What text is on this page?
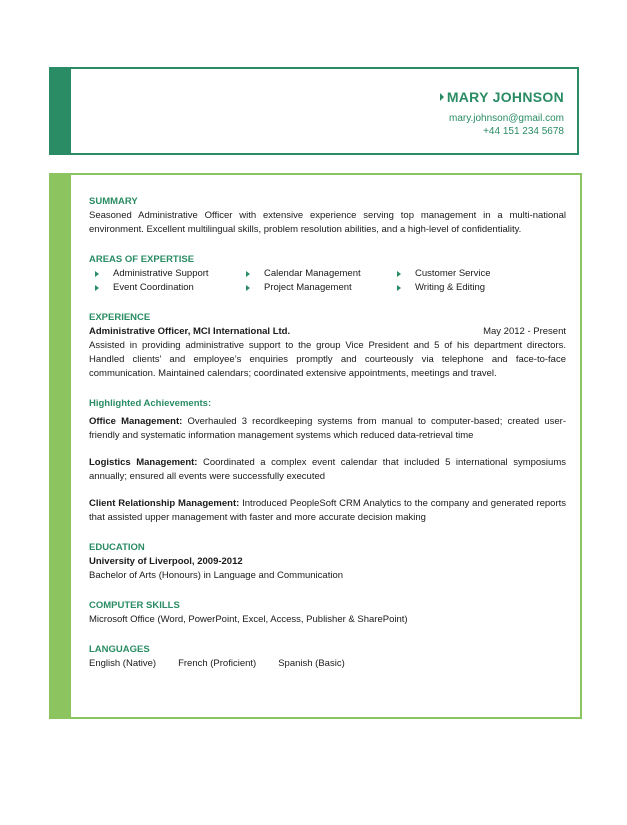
MARY JOHNSON
mary.johnson@gmail.com
+44 151 234 5678
SUMMARY

Seasoned Administrative Officer with extensive experience serving top management in a multi-national environment. Excellent multilingual skills, problem resolution abilities, and a high-level of confidentiality.

AREAS OF EXPERTISE
Administrative Support	Calendar Management	Customer Service
Event Coordination	Project Management	Writing & Editing
EXPERIENCE
Administrative Officer, MCI International Ltd.	May 2012 - Present

Assisted in providing administrative support to the group Vice President and 5 of his department directors. Handled clients’ and employee’s enquiries promptly and courteously via telephone and face-to-face communication. Maintained calendars; coordinated extensive appointments, meetings and travel.

Highlighted Achievements:

Office Management: Overhauled 3 recordkeeping systems from manual to computer-based; created user-friendly and systematic information management systems which reduced data-retrieval time

Logistics Management: Coordinated a complex event calendar that included 5 international symposiums annually; ensured all events were successfully executed

Client Relationship Management: Introduced PeopleSoft CRM Analytics to the company and generated reports that assisted upper management with faster and more accurate decision making

EDUCATION
University of Liverpool, 2009-2012
Bachelor of Arts (Honours) in Language and Communication
COMPUTER SKILLS
Microsoft Office (Word, PowerPoint, Excel, Access, Publisher & SharePoint)
LANGUAGES
English (Native) French (Proficient) Spanish (Basic)
